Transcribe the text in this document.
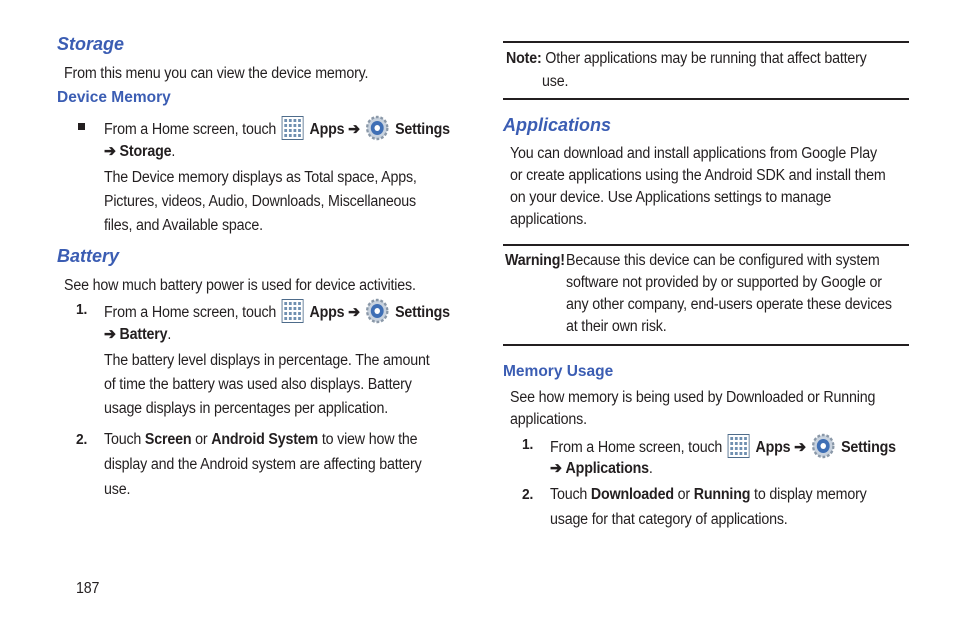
Storage
From this menu you can view the device memory.
Device Memory
From a Home screen, touch Apps ➔ Settings
➔ Storage.
The Device memory displays as Total space, Apps,
Pictures, videos, Audio, Downloads, Miscellaneous
files, and Available space.
Battery
See how much battery power is used for device activities.
1. From a Home screen, touch Apps ➔ Settings
➔ Battery.
The battery level displays in percentage. The amount
of time the battery was used also displays. Battery
usage displays in percentages per application.
2. Touch Screen or Android System to view how the
display and the Android system are affecting battery
use.
187
Note: Other applications may be running that affect battery
use.
Applications
You can download and install applications from Google Play
or create applications using the Android SDK and install them
on your device. Use Applications settings to manage
applications.
Warning! Because this device can be configured with system
software not provided by or supported by Google or
any other company, end-users operate these devices
at their own risk.
Memory Usage
See how memory is being used by Downloaded or Running
applications.
1. From a Home screen, touch Apps ➔ Settings
➔ Applications.
2. Touch Downloaded or Running to display memory
usage for that category of applications.
